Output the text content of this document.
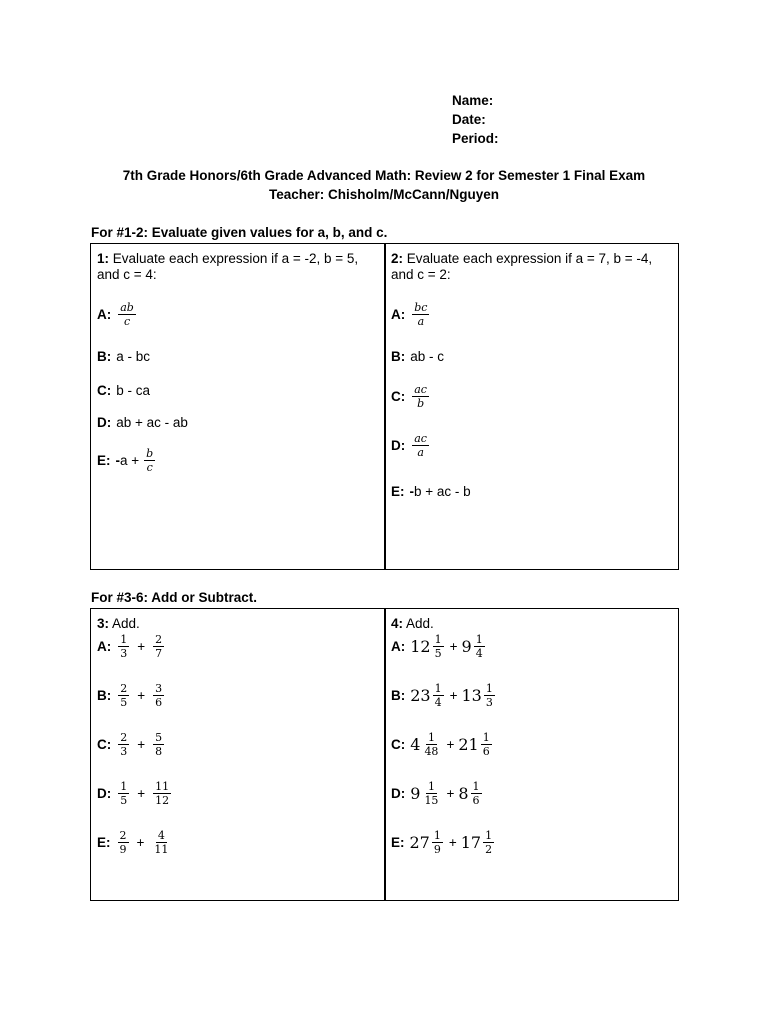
Name:
Date:
Period:
7th Grade Honors/6th Grade Advanced Math: Review 2 for Semester 1 Final Exam
Teacher: Chisholm/McCann/Nguyen
For #1-2: Evaluate given values for a, b, and c.
1: Evaluate each expression if a = -2, b = 5, and c = 4:
A: $\frac{ab}{c}$
B: a - bc
C: b - ca
D: ab + ac - ab
E: - $a + \frac{b}{c}$
2: Evaluate each expression if a = 7, b = -4, and c = 2:
A: $\frac{bc}{a}$
B: ab - c
C: $\frac{ac}{b}$
D: $\frac{ac}{a}$
E: - b + ac - b
For #3-6: Add or Subtract.
3: Add.
A: $\frac{1}{3} + \frac{2}{7}$
B: $\frac{2}{5} + \frac{3}{6}$
C: $\frac{2}{3} + \frac{5}{8}$
D: $\frac{1}{5} + \frac{11}{12}$
E: $\frac{2}{9} + \frac{4}{11}$
4: Add.
A: $12 \frac{1}{5} + 9 \frac{1}{4}$
B: $23 \frac{1}{4} + 13 \frac{1}{3}$
C: $4 \frac{1}{48} + 21 \frac{1}{6}$
D: $9 \frac{1}{15} + 8 \frac{1}{6}$
E: $27 \frac{1}{9} + 17 \frac{1}{2}$
